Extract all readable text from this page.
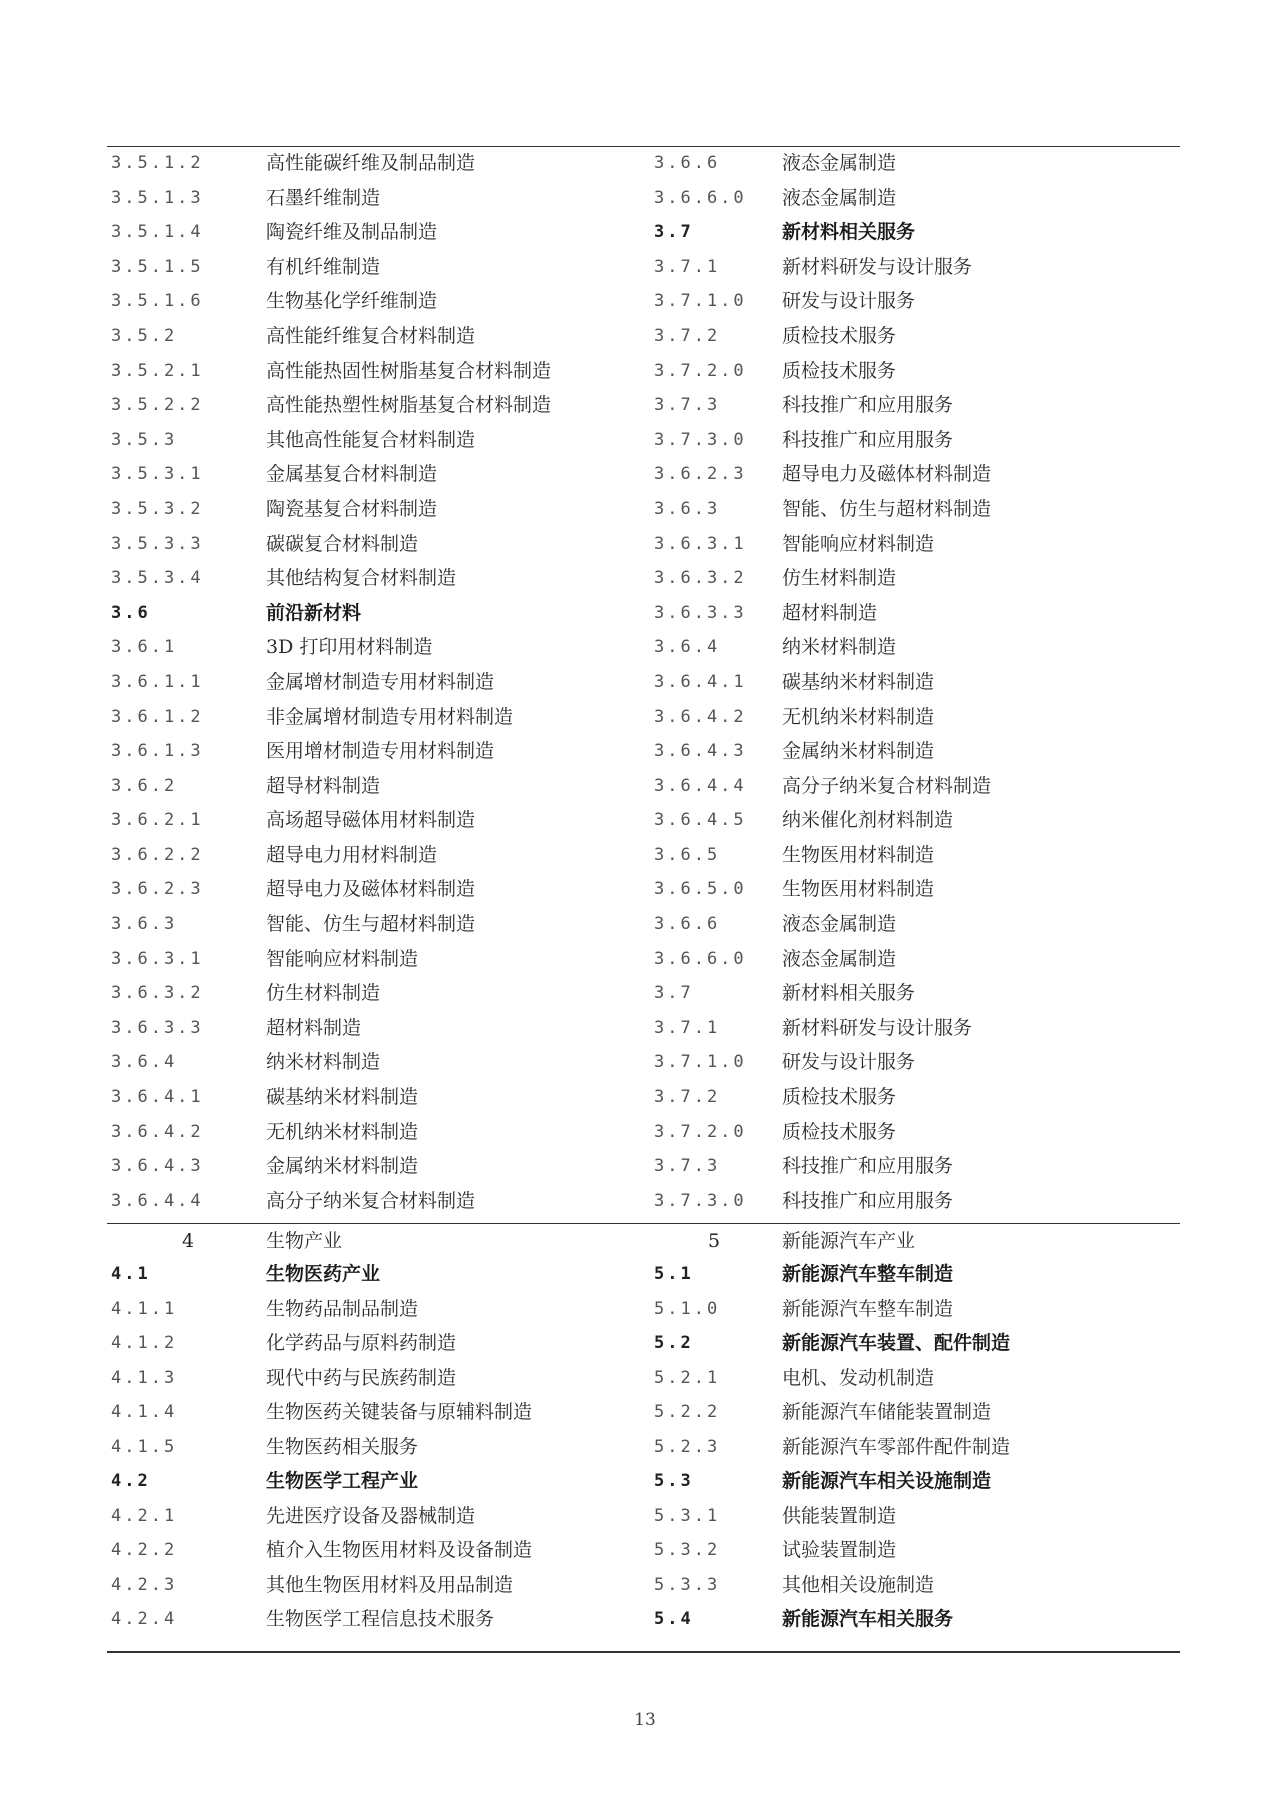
3.5.1.2	高性能碳纤维及制品制造	3.6.6	液态金属制造
3.5.1.3	石墨纤维制造	3.6.6.0 液态金属制造
3.5.1.4	陶瓷纤维及制品制造	3.7	新材料相关服务
3.5.1.5	有机纤维制造	3.7.1	新材料研发与设计服务
3.5.1.6	生物基化学纤维制造	3.7.1.0 研发与设计服务
3.5.2	高性能纤维复合材料制造	3.7.2	质检技术服务
3.5.2.1	高性能热固性树脂基复合材料制造	3.7.2.0 质检技术服务
3.5.2.2	高性能热塑性树脂基复合材料制造	3.7.3	科技推广和应用服务
3.5.3	其他高性能复合材料制造	3.7.3.0 科技推广和应用服务
3.5.3.1	金属基复合材料制造	3.6.2.3 超导电力及磁体材料制造
3.5.3.2	陶瓷基复合材料制造	3.6.3	智能、仿生与超材料制造
3.5.3.3	碳碳复合材料制造	3.6.3.1 智能响应材料制造
3.5.3.4	其他结构复合材料制造	3.6.3.2 仿生材料制造
3.6	前沿新材料	3.6.3.3 超材料制造
3.6.1	3D 打印用材料制造	3.6.4	纳米材料制造
3.6.1.1	金属增材制造专用材料制造	3.6.4.1 碳基纳米材料制造
3.6.1.2	非金属增材制造专用材料制造	3.6.4.2 无机纳米材料制造
3.6.1.3	医用增材制造专用材料制造	3.6.4.3 金属纳米材料制造
3.6.2	超导材料制造	3.6.4.4 高分子纳米复合材料制造
3.6.2.1	高场超导磁体用材料制造	3.6.4.5 纳米催化剂材料制造
3.6.2.2	超导电力用材料制造	3.6.5	生物医用材料制造
3.6.2.3	超导电力及磁体材料制造	3.6.5.0 生物医用材料制造
3.6.3	智能、仿生与超材料制造	3.6.6	液态金属制造
3.6.3.1	智能响应材料制造	3.6.6.0 液态金属制造
3.6.3.2	仿生材料制造	3.7	新材料相关服务
3.6.3.3	超材料制造	3.7.1	新材料研发与设计服务
3.6.4	纳米材料制造	3.7.1.0 研发与设计服务
3.6.4.1	碳基纳米材料制造	3.7.2	质检技术服务
3.6.4.2	无机纳米材料制造	3.7.2.0 质检技术服务
3.6.4.3	金属纳米材料制造	3.7.3	科技推广和应用服务
3.6.4.4	高分子纳米复合材料制造	3.7.3.0 科技推广和应用服务
4	生物产业	5	新能源汽车产业
4.1	生物医药产业	5.1	新能源汽车整车制造
4.1.1	生物药品制品制造	5.1.0	新能源汽车整车制造
4.1.2	化学药品与原料药制造	5.2	新能源汽车装置、配件制造
4.1.3	现代中药与民族药制造	5.2.1	电机、发动机制造
4.1.4	生物医药关键装备与原辅料制造	5.2.2	新能源汽车储能装置制造
4.1.5	生物医药相关服务	5.2.3	新能源汽车零部件配件制造
4.2	生物医学工程产业	5.3	新能源汽车相关设施制造
4.2.1	先进医疗设备及器械制造	5.3.1	供能装置制造
4.2.2	植介入生物医用材料及设备制造	5.3.2	试验装置制造
4.2.3	其他生物医用材料及用品制造	5.3.3	其他相关设施制造
4.2.4	生物医学工程信息技术服务	5.4	新能源汽车相关服务
13
